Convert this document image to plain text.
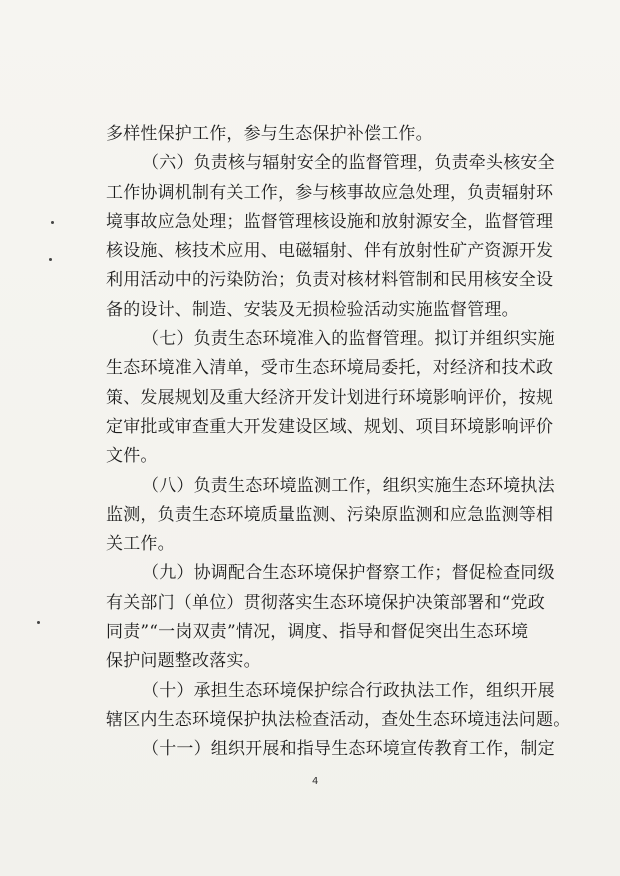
多样性保护工作，参与生态保护补偿工作。
（六）负责核与辐射安全的监督管理，负责牵头核安全
工作协调机制有关工作，参与核事故应急处理，负责辐射环
境事故应急处理；监督管理核设施和放射源安全，监督管理
核设施、核技术应用、电磁辐射、伴有放射性矿产资源开发
利用活动中的污染防治；负责对核材料管制和民用核安全设
备的设计、制造、安装及无损检验活动实施监督管理。
（七）负责生态环境准入的监督管理。拟订并组织实施
生态环境准入清单，受市生态环境局委托，对经济和技术政
策、发展规划及重大经济开发计划进行环境影响评价，按规
定审批或审查重大开发建设区域、规划、项目环境影响评价
文件。
（八）负责生态环境监测工作，组织实施生态环境执法
监测，负责生态环境质量监测、污染原监测和应急监测等相
关工作。
（九）协调配合生态环境保护督察工作；督促检查同级
有关部门（单位）贯彻落实生态环境保护决策部署和“党政
同责”“一岗双责”情况，调度、指导和督促突出生态环境
保护问题整改落实。
（十）承担生态环境保护综合行政执法工作，组织开展
辖区内生态环境保护执法检查活动，查处生态环境违法问题。
（十一）组织开展和指导生态环境宣传教育工作，制定
4
